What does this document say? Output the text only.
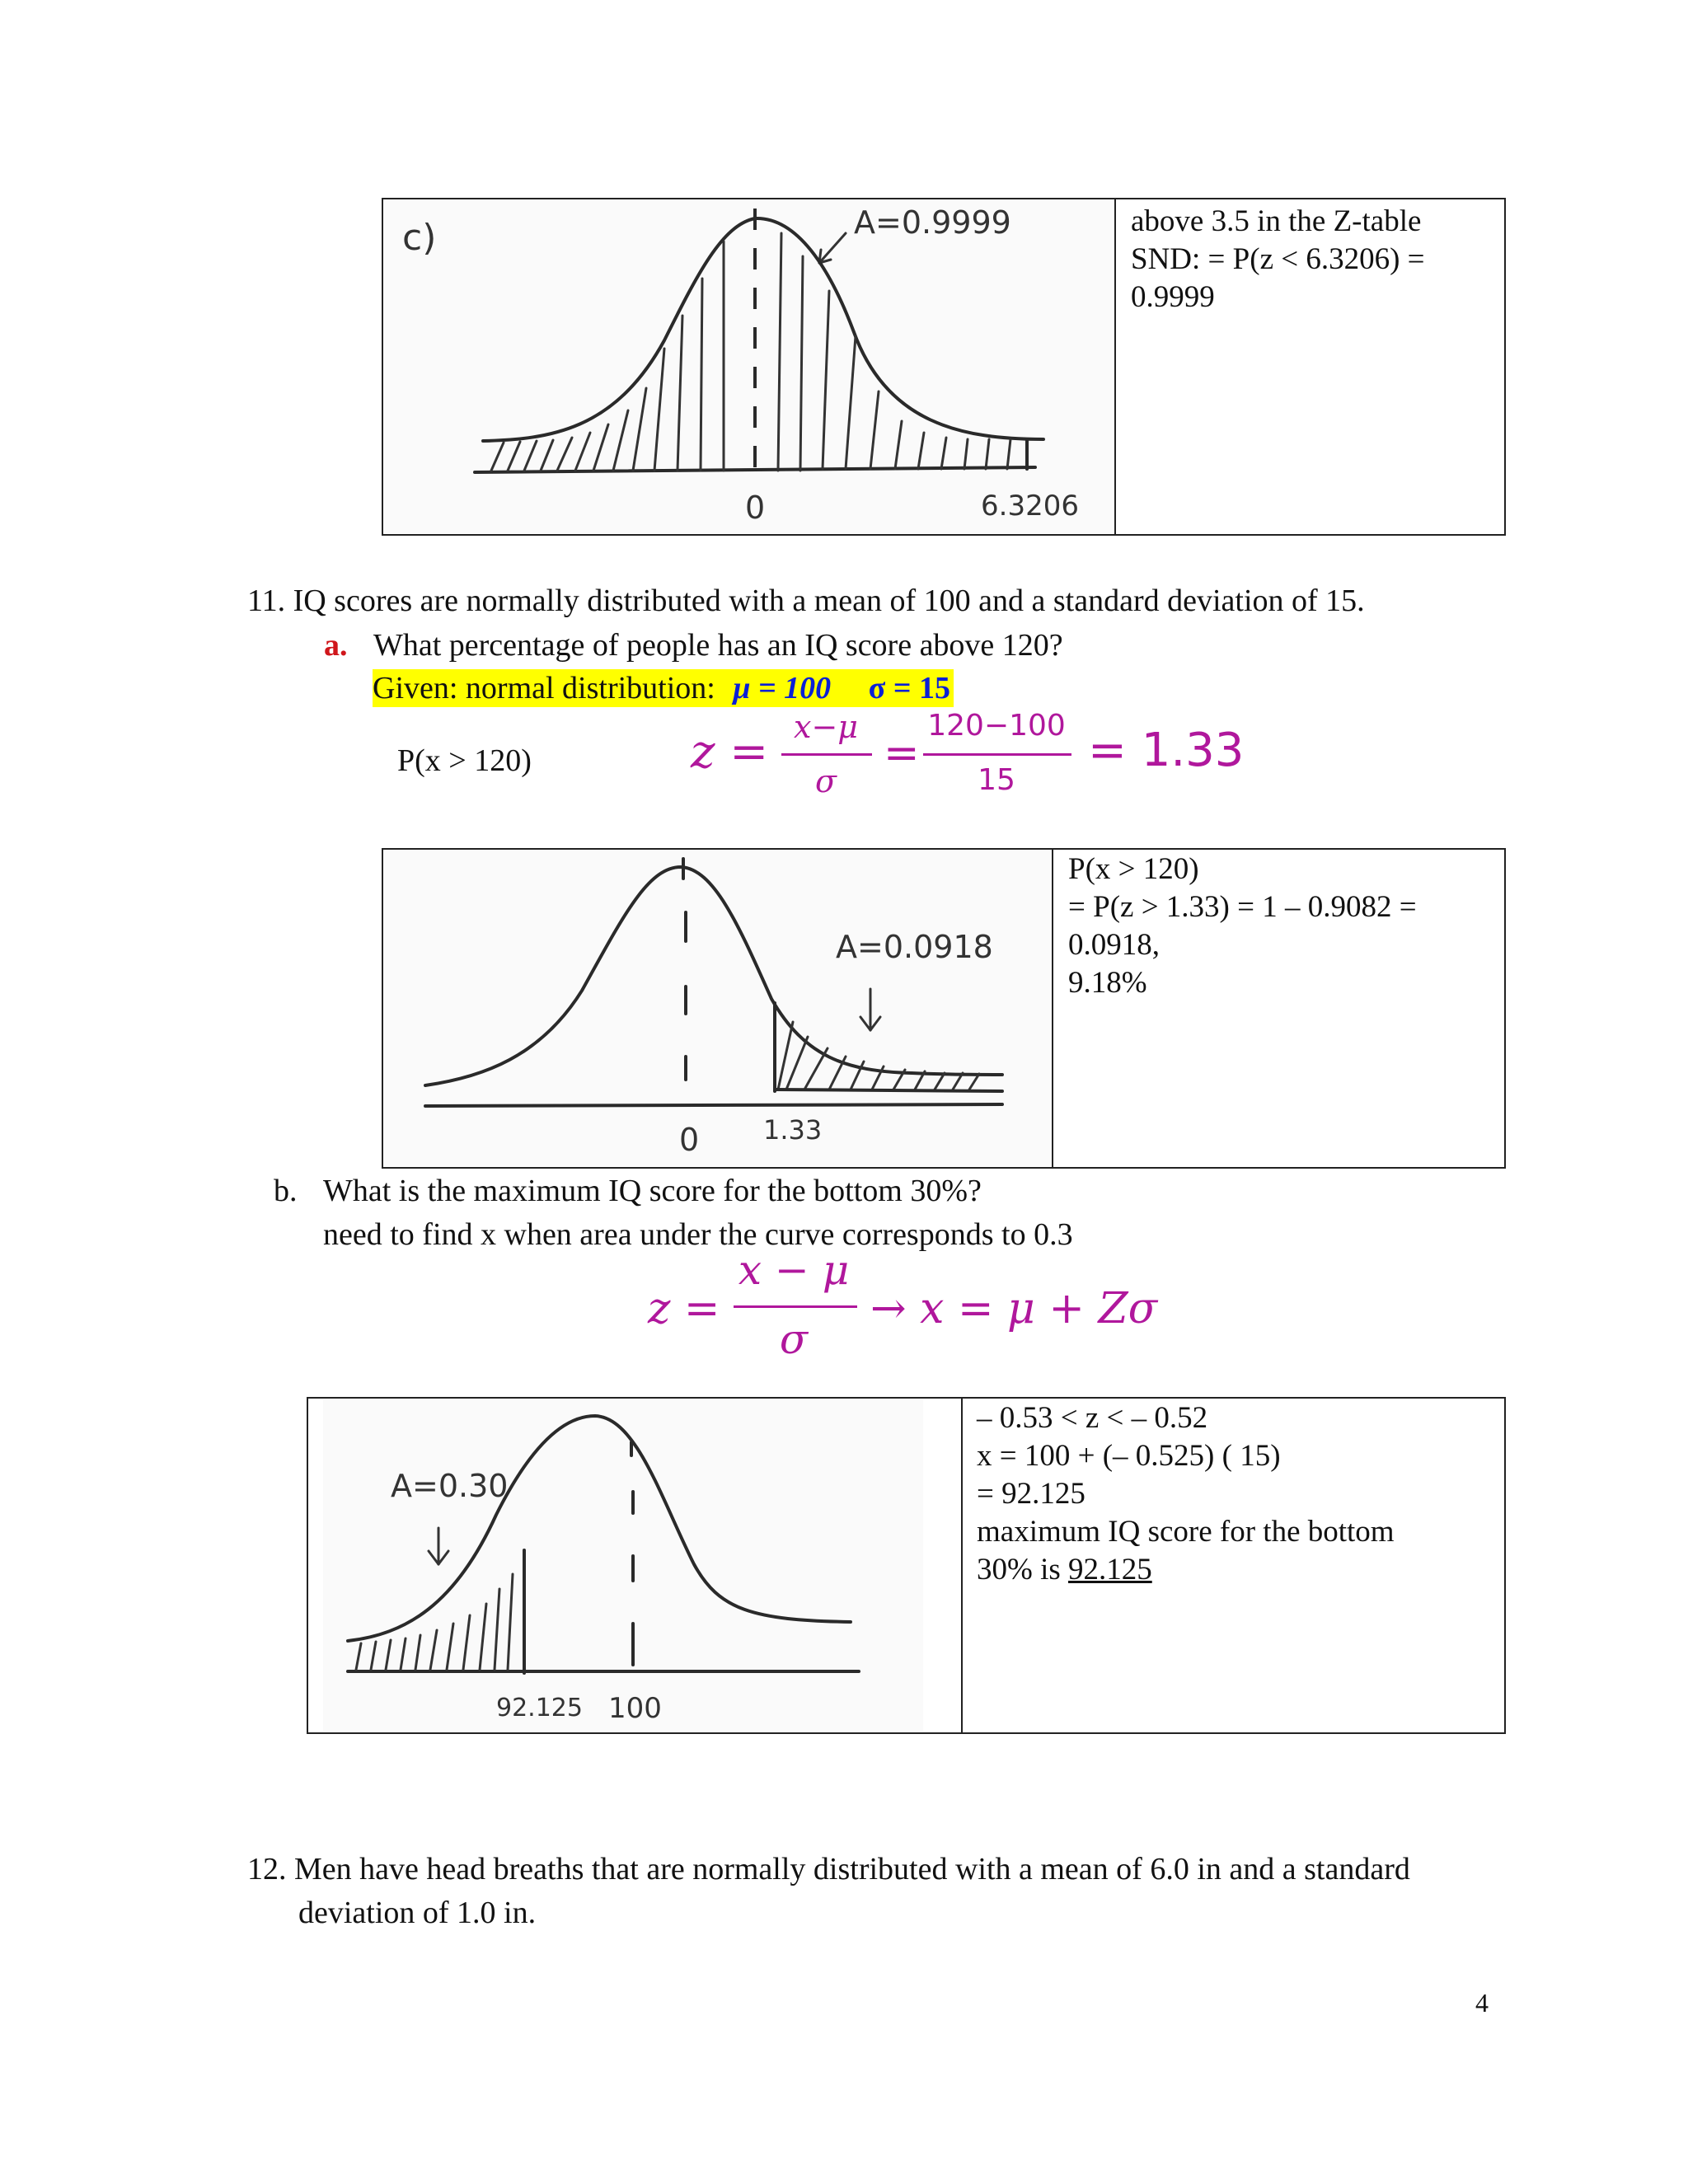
c)	A=0.9999
0	6.3206
above 3.5 in the Z-table
SND: = P(z < 6.3206) =
0.9999
11. IQ scores are normally distributed with a mean of 100 and a standard deviation of 15.
a. What percentage of people has an IQ score above 120?
Given: normal distribution: μ = 100 σ = 15
P(x > 120)	z = x−μ
σ
=
120−100
15
= 1.33
A=0.0918
0 1.33
P(x > 120)
= P(z > 1.33) = 1 – 0.9082 =
0.0918,
9.18%
b. What is the maximum IQ score for the bottom 30%?
need to find x when area under the curve corresponds to 0.3
z =
x − μ
σ
→ x = μ + Zσ
A=0.30
92.125 100
– 0.53 < z < – 0.52
x = 100 + (– 0.525) ( 15)
= 92.125
maximum IQ score for the bottom
30% is 92.125
12. Men have head breaths that are normally distributed with a mean of 6.0 in and a standard
deviation of 1.0 in.
4
